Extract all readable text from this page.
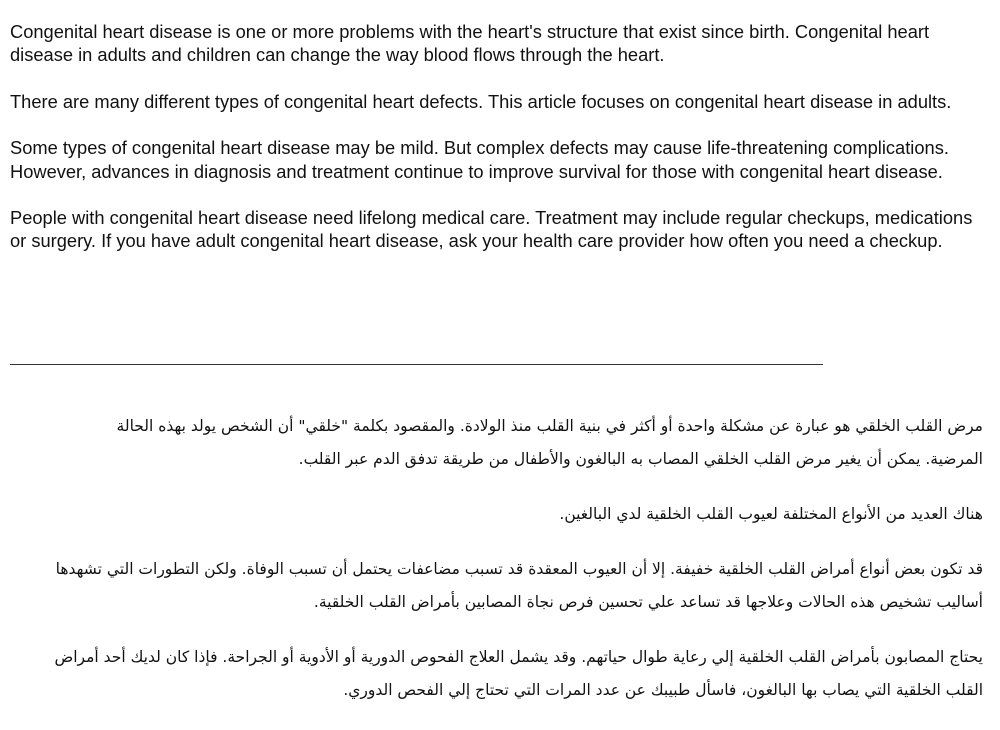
Congenital heart disease is one or more problems with the heart's structure that exist since birth. Congenital heart disease in adults and children can change the way blood flows through the heart.

There are many different types of congenital heart defects. This article focuses on congenital heart disease in adults.

Some types of congenital heart disease may be mild. But complex defects may cause life-threatening complications. However, advances in diagnosis and treatment continue to improve survival for those with congenital heart disease.

People with congenital heart disease need lifelong medical care. Treatment may include regular checkups, medications or surgery. If you have adult congenital heart disease, ask your health care provider how often you need a checkup.

مرض القلب الخلقي هو عبارة عن مشكلة واحدة أو أكثر في بنية القلب منذ الولادة. والمقصود بكلمة "خلقي" أن الشخص يولد بهذه الحالة المرضية. يمكن أن يغير مرض القلب الخلقي المصاب به البالغون والأطفال من طريقة تدفق الدم عبر القلب.

هناك العديد من الأنواع المختلفة لعيوب القلب الخلقية لدي البالغين.

قد تكون بعض أنواع أمراض القلب الخلقية خفيفة. إلا أن العيوب المعقدة قد تسبب مضاعفات يحتمل أن تسبب الوفاة. ولكن التطورات التي تشهدها أساليب تشخيص هذه الحالات وعلاجها قد تساعد علي تحسين فرص نجاة المصابين بأمراض القلب الخلقية.

يحتاج المصابون بأمراض القلب الخلقية إلي رعاية طوال حياتهم. وقد يشمل العلاج الفحوص الدورية أو الأدوية أو الجراحة. فإذا كان لديك أحد أمراض القلب الخلقية التي يصاب بها البالغون، فاسأل طبيبك عن عدد المرات التي تحتاج إلي الفحص الدوري.
